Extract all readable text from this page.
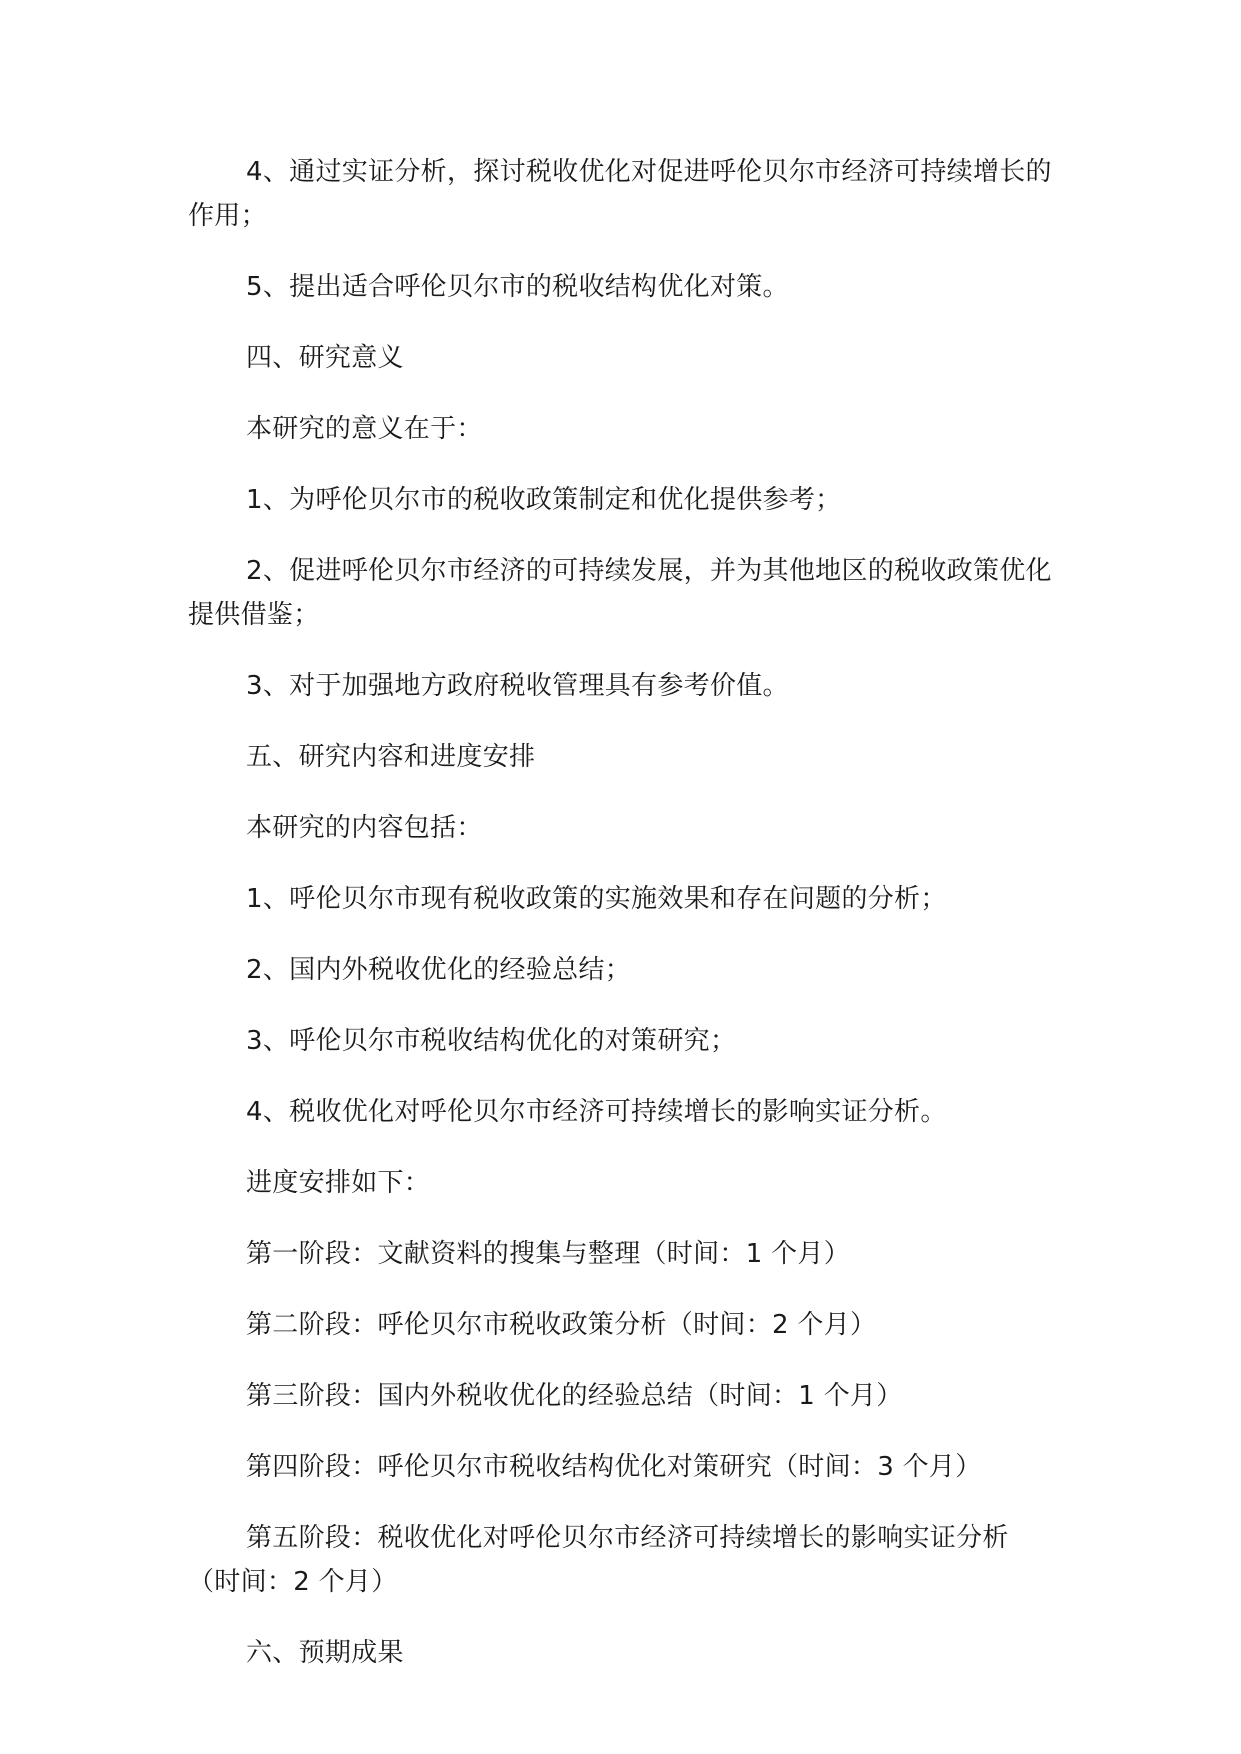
4、通过实证分析，探讨税收优化对促进呼伦贝尔市经济可持续增长的作用；

5、提出适合呼伦贝尔市的税收结构优化对策。

四、研究意义

本研究的意义在于：

1、为呼伦贝尔市的税收政策制定和优化提供参考；

2、促进呼伦贝尔市经济的可持续发展，并为其他地区的税收政策优化提供借鉴；

3、对于加强地方政府税收管理具有参考价值。

五、研究内容和进度安排

本研究的内容包括：

1、呼伦贝尔市现有税收政策的实施效果和存在问题的分析；

2、国内外税收优化的经验总结；

3、呼伦贝尔市税收结构优化的对策研究；

4、税收优化对呼伦贝尔市经济可持续增长的影响实证分析。

进度安排如下：

第一阶段：文献资料的搜集与整理（时间：1 个月）

第二阶段：呼伦贝尔市税收政策分析（时间：2 个月）

第三阶段：国内外税收优化的经验总结（时间：1 个月）

第四阶段：呼伦贝尔市税收结构优化对策研究（时间：3 个月）

第五阶段：税收优化对呼伦贝尔市经济可持续增长的影响实证分析（时间：2 个月）

六、预期成果
